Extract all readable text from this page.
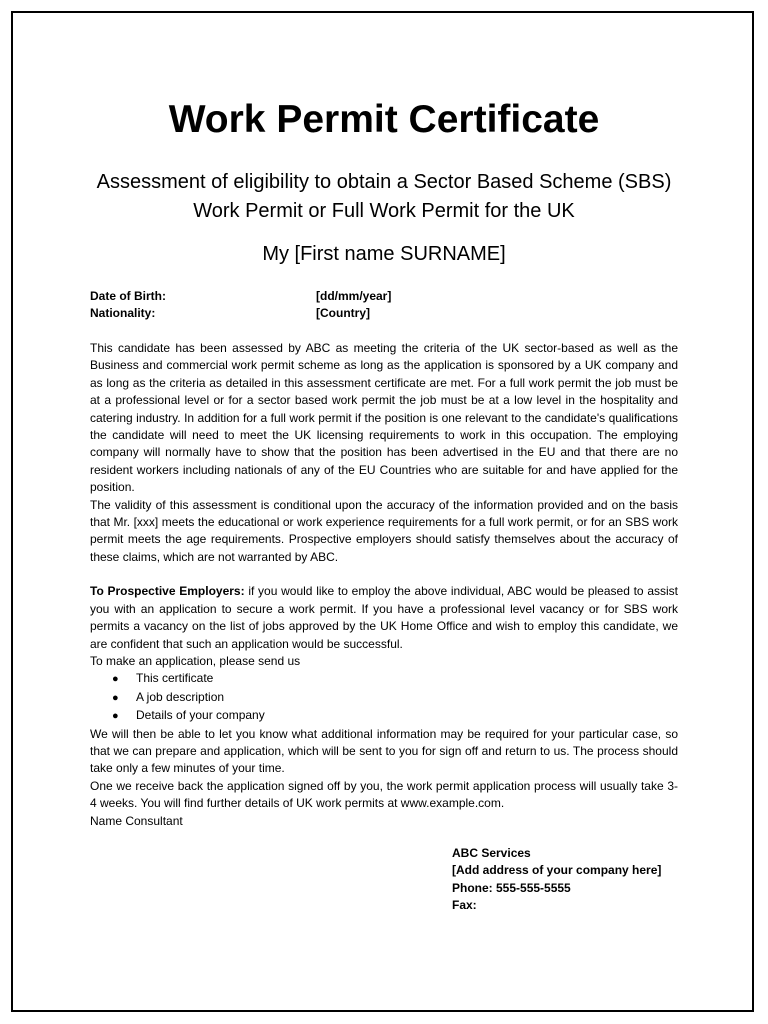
Work Permit Certificate
Assessment of eligibility to obtain a Sector Based Scheme (SBS)
Work Permit or Full Work Permit for the UK
My [First name SURNAME]
Date of Birth:	[dd/mm/year]
Nationality:	[Country]

This candidate has been assessed by ABC as meeting the criteria of the UK sector-based as well as the Business and commercial work permit scheme as long as the application is sponsored by a UK company and as long as the criteria as detailed in this assessment certificate are met. For a full work permit the job must be at a professional level or for a sector based work permit the job must be at a low level in the hospitality and catering industry. In addition for a full work permit if the position is one relevant to the candidate's qualifications the candidate will need to meet the UK licensing requirements to work in this occupation. The employing company will normally have to show that the position has been advertised in the EU and that there are no resident workers including nationals of any of the EU Countries who are suitable for and have applied for the position.

The validity of this assessment is conditional upon the accuracy of the information provided and on the basis that Mr. [xxx] meets the educational or work experience requirements for a full work permit, or for an SBS work permit meets the age requirements. Prospective employers should satisfy themselves about the accuracy of these claims, which are not warranted by ABC.

To Prospective Employers: if you would like to employ the above individual, ABC would be pleased to assist you with an application to secure a work permit. If you have a professional level vacancy or for SBS work permits a vacancy on the list of jobs approved by the UK Home Office and wish to employ this candidate, we are confident that such an application would be successful.

To make an application, please send us

●	This certificate
●	A job description
●	Details of your company

We will then be able to let you know what additional information may be required for your particular case, so that we can prepare and application, which will be sent to you for sign off and return to us. The process should take only a few minutes of your time.

One we receive back the application signed off by you, the work permit application process will usually take 3-4 weeks. You will find further details of UK work permits at www.example.com.

Name Consultant

ABC Services
[Add address of your company here]
Phone: 555-555-5555
Fax:
